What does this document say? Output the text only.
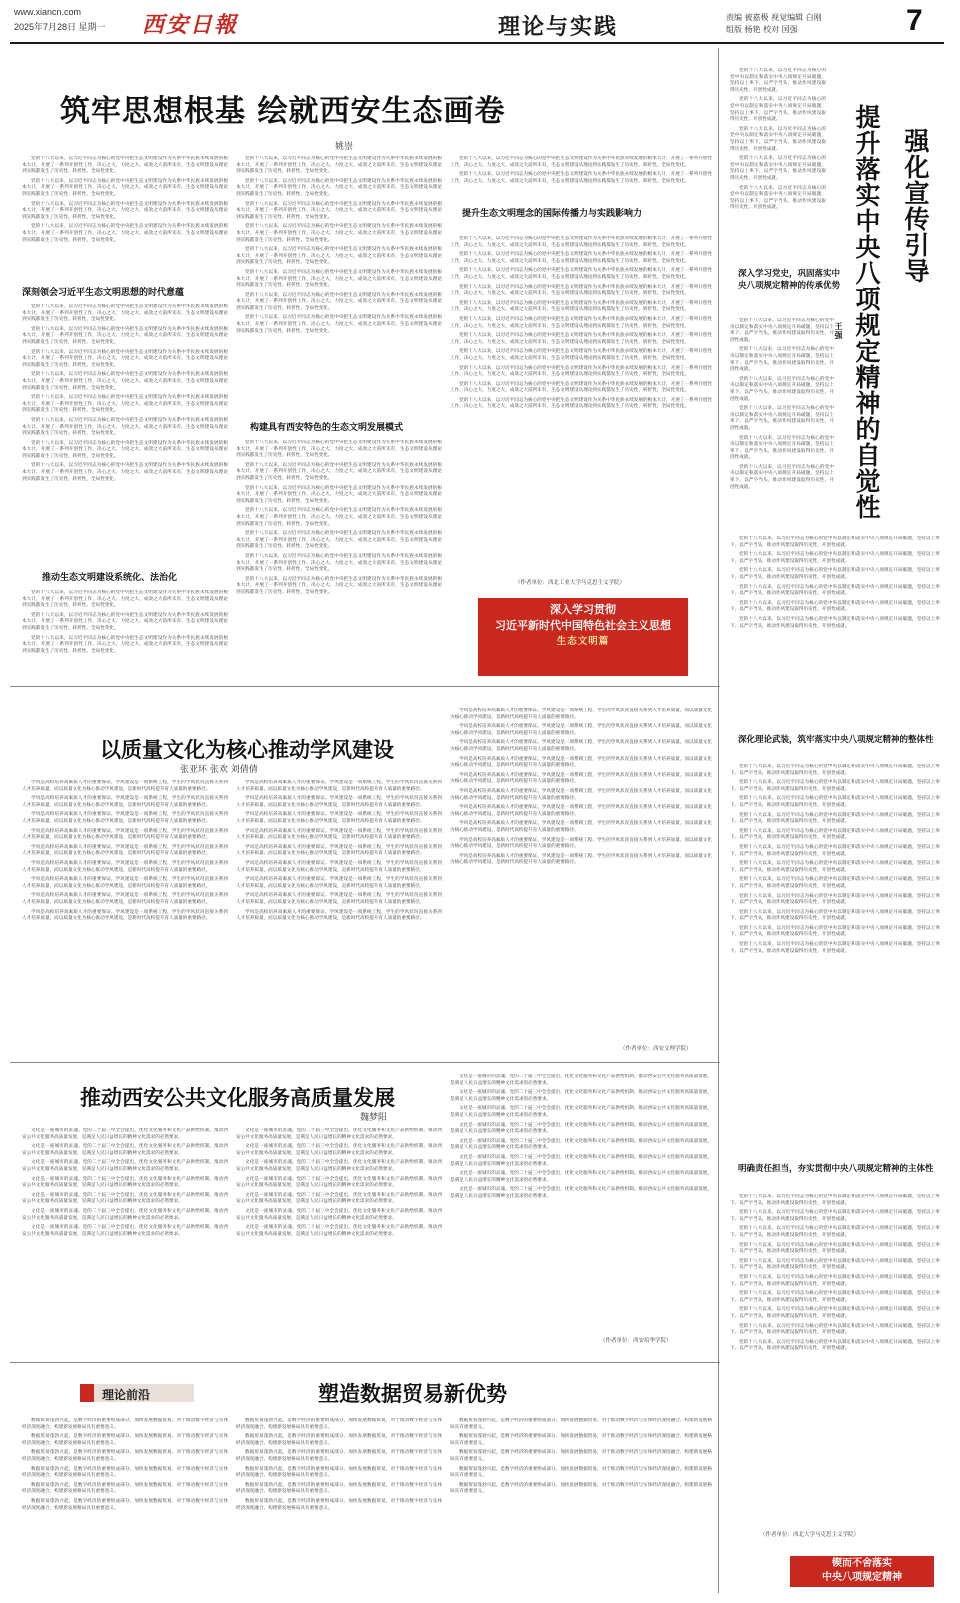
www.xiancn.com
2025年7月28日 星期一 西安日報	理论与实践	责编 被嘉极 视觉编辑 白刚
组版 杨艳 校对 国强	7
筑牢思想根基 绘就西安生态画卷
姚崇

党的十八大以来，以习近平同志为核心的党中央把生态文明建设作为关系中华民族永续发展的根本大计，开展了一系列开创性工作，决心之大、力度之大、成效之大前所未有，生态文明建设从理论到实践都发生了历史性、转折性、全局性变化。

党的十八大以来，以习近平同志为核心的党中央把生态文明建设作为关系中华民族永续发展的根本大计，开展了一系列开创性工作，决心之大、力度之大、成效之大前所未有，生态文明建设从理论到实践都发生了历史性、转折性、全局性变化。

党的十八大以来，以习近平同志为核心的党中央把生态文明建设作为关系中华民族永续发展的根本大计，开展了一系列开创性工作，决心之大、力度之大、成效之大前所未有，生态文明建设从理论到实践都发生了历史性、转折性、全局性变化。

党的十八大以来，以习近平同志为核心的党中央把生态文明建设作为关系中华民族永续发展的根本大计，开展了一系列开创性工作，决心之大、力度之大、成效之大前所未有，生态文明建设从理论到实践都发生了历史性、转折性、全局性变化。

深刻领会习近平生态文明思想的时代意蕴

党的十八大以来，以习近平同志为核心的党中央把生态文明建设作为关系中华民族永续发展的根本大计，开展了一系列开创性工作，决心之大、力度之大、成效之大前所未有，生态文明建设从理论到实践都发生了历史性、转折性、全局性变化。

党的十八大以来，以习近平同志为核心的党中央把生态文明建设作为关系中华民族永续发展的根本大计，开展了一系列开创性工作，决心之大、力度之大、成效之大前所未有，生态文明建设从理论到实践都发生了历史性、转折性、全局性变化。

党的十八大以来，以习近平同志为核心的党中央把生态文明建设作为关系中华民族永续发展的根本大计，开展了一系列开创性工作，决心之大、力度之大、成效之大前所未有，生态文明建设从理论到实践都发生了历史性、转折性、全局性变化。

党的十八大以来，以习近平同志为核心的党中央把生态文明建设作为关系中华民族永续发展的根本大计，开展了一系列开创性工作，决心之大、力度之大、成效之大前所未有，生态文明建设从理论到实践都发生了历史性、转折性、全局性变化。

党的十八大以来，以习近平同志为核心的党中央把生态文明建设作为关系中华民族永续发展的根本大计，开展了一系列开创性工作，决心之大、力度之大、成效之大前所未有，生态文明建设从理论到实践都发生了历史性、转折性、全局性变化。

党的十八大以来，以习近平同志为核心的党中央把生态文明建设作为关系中华民族永续发展的根本大计，开展了一系列开创性工作，决心之大、力度之大、成效之大前所未有，生态文明建设从理论到实践都发生了历史性、转折性、全局性变化。

党的十八大以来，以习近平同志为核心的党中央把生态文明建设作为关系中华民族永续发展的根本大计，开展了一系列开创性工作，决心之大、力度之大、成效之大前所未有，生态文明建设从理论到实践都发生了历史性、转折性、全局性变化。

党的十八大以来，以习近平同志为核心的党中央把生态文明建设作为关系中华民族永续发展的根本大计，开展了一系列开创性工作，决心之大、力度之大、成效之大前所未有，生态文明建设从理论到实践都发生了历史性、转折性、全局性变化。

推动生态文明建设系统化、法治化

党的十八大以来，以习近平同志为核心的党中央把生态文明建设作为关系中华民族永续发展的根本大计，开展了一系列开创性工作，决心之大、力度之大、成效之大前所未有，生态文明建设从理论到实践都发生了历史性、转折性、全局性变化。

党的十八大以来，以习近平同志为核心的党中央把生态文明建设作为关系中华民族永续发展的根本大计，开展了一系列开创性工作，决心之大、力度之大、成效之大前所未有，生态文明建设从理论到实践都发生了历史性、转折性、全局性变化。

党的十八大以来，以习近平同志为核心的党中央把生态文明建设作为关系中华民族永续发展的根本大计，开展了一系列开创性工作，决心之大、力度之大、成效之大前所未有，生态文明建设从理论到实践都发生了历史性、转折性、全局性变化。

党的十八大以来，以习近平同志为核心的党中央把生态文明建设作为关系中华民族永续发展的根本大计，开展了一系列开创性工作，决心之大、力度之大、成效之大前所未有，生态文明建设从理论到实践都发生了历史性、转折性、全局性变化。

党的十八大以来，以习近平同志为核心的党中央把生态文明建设作为关系中华民族永续发展的根本大计，开展了一系列开创性工作，决心之大、力度之大、成效之大前所未有，生态文明建设从理论到实践都发生了历史性、转折性、全局性变化。

党的十八大以来，以习近平同志为核心的党中央把生态文明建设作为关系中华民族永续发展的根本大计，开展了一系列开创性工作，决心之大、力度之大、成效之大前所未有，生态文明建设从理论到实践都发生了历史性、转折性、全局性变化。

党的十八大以来，以习近平同志为核心的党中央把生态文明建设作为关系中华民族永续发展的根本大计，开展了一系列开创性工作，决心之大、力度之大、成效之大前所未有，生态文明建设从理论到实践都发生了历史性、转折性、全局性变化。

党的十八大以来，以习近平同志为核心的党中央把生态文明建设作为关系中华民族永续发展的根本大计，开展了一系列开创性工作，决心之大、力度之大、成效之大前所未有，生态文明建设从理论到实践都发生了历史性、转折性、全局性变化。

党的十八大以来，以习近平同志为核心的党中央把生态文明建设作为关系中华民族永续发展的根本大计，开展了一系列开创性工作，决心之大、力度之大、成效之大前所未有，生态文明建设从理论到实践都发生了历史性、转折性、全局性变化。

党的十八大以来，以习近平同志为核心的党中央把生态文明建设作为关系中华民族永续发展的根本大计，开展了一系列开创性工作，决心之大、力度之大、成效之大前所未有，生态文明建设从理论到实践都发生了历史性、转折性、全局性变化。

党的十八大以来，以习近平同志为核心的党中央把生态文明建设作为关系中华民族永续发展的根本大计，开展了一系列开创性工作，决心之大、力度之大、成效之大前所未有，生态文明建设从理论到实践都发生了历史性、转折性、全局性变化。

构建具有西安特色的生态文明发展模式

党的十八大以来，以习近平同志为核心的党中央把生态文明建设作为关系中华民族永续发展的根本大计，开展了一系列开创性工作，决心之大、力度之大、成效之大前所未有，生态文明建设从理论到实践都发生了历史性、转折性、全局性变化。

党的十八大以来，以习近平同志为核心的党中央把生态文明建设作为关系中华民族永续发展的根本大计，开展了一系列开创性工作，决心之大、力度之大、成效之大前所未有，生态文明建设从理论到实践都发生了历史性、转折性、全局性变化。

党的十八大以来，以习近平同志为核心的党中央把生态文明建设作为关系中华民族永续发展的根本大计，开展了一系列开创性工作，决心之大、力度之大、成效之大前所未有，生态文明建设从理论到实践都发生了历史性、转折性、全局性变化。

党的十八大以来，以习近平同志为核心的党中央把生态文明建设作为关系中华民族永续发展的根本大计，开展了一系列开创性工作，决心之大、力度之大、成效之大前所未有，生态文明建设从理论到实践都发生了历史性、转折性、全局性变化。

党的十八大以来，以习近平同志为核心的党中央把生态文明建设作为关系中华民族永续发展的根本大计，开展了一系列开创性工作，决心之大、力度之大、成效之大前所未有，生态文明建设从理论到实践都发生了历史性、转折性、全局性变化。

党的十八大以来，以习近平同志为核心的党中央把生态文明建设作为关系中华民族永续发展的根本大计，开展了一系列开创性工作，决心之大、力度之大、成效之大前所未有，生态文明建设从理论到实践都发生了历史性、转折性、全局性变化。

党的十八大以来，以习近平同志为核心的党中央把生态文明建设作为关系中华民族永续发展的根本大计，开展了一系列开创性工作，决心之大、力度之大、成效之大前所未有，生态文明建设从理论到实践都发生了历史性、转折性、全局性变化。

党的十八大以来，以习近平同志为核心的党中央把生态文明建设作为关系中华民族永续发展的根本大计，开展了一系列开创性工作，决心之大、力度之大、成效之大前所未有，生态文明建设从理论到实践都发生了历史性、转折性、全局性变化。

党的十八大以来，以习近平同志为核心的党中央把生态文明建设作为关系中华民族永续发展的根本大计，开展了一系列开创性工作，决心之大、力度之大、成效之大前所未有，生态文明建设从理论到实践都发生了历史性、转折性、全局性变化。

提升生态文明理念的国际传播力与实践影响力

党的十八大以来，以习近平同志为核心的党中央把生态文明建设作为关系中华民族永续发展的根本大计，开展了一系列开创性工作，决心之大、力度之大、成效之大前所未有，生态文明建设从理论到实践都发生了历史性、转折性、全局性变化。

党的十八大以来，以习近平同志为核心的党中央把生态文明建设作为关系中华民族永续发展的根本大计，开展了一系列开创性工作，决心之大、力度之大、成效之大前所未有，生态文明建设从理论到实践都发生了历史性、转折性、全局性变化。

党的十八大以来，以习近平同志为核心的党中央把生态文明建设作为关系中华民族永续发展的根本大计，开展了一系列开创性工作，决心之大、力度之大、成效之大前所未有，生态文明建设从理论到实践都发生了历史性、转折性、全局性变化。

党的十八大以来，以习近平同志为核心的党中央把生态文明建设作为关系中华民族永续发展的根本大计，开展了一系列开创性工作，决心之大、力度之大、成效之大前所未有，生态文明建设从理论到实践都发生了历史性、转折性、全局性变化。

党的十八大以来，以习近平同志为核心的党中央把生态文明建设作为关系中华民族永续发展的根本大计，开展了一系列开创性工作，决心之大、力度之大、成效之大前所未有，生态文明建设从理论到实践都发生了历史性、转折性、全局性变化。

党的十八大以来，以习近平同志为核心的党中央把生态文明建设作为关系中华民族永续发展的根本大计，开展了一系列开创性工作，决心之大、力度之大、成效之大前所未有，生态文明建设从理论到实践都发生了历史性、转折性、全局性变化。

党的十八大以来，以习近平同志为核心的党中央把生态文明建设作为关系中华民族永续发展的根本大计，开展了一系列开创性工作，决心之大、力度之大、成效之大前所未有，生态文明建设从理论到实践都发生了历史性、转折性、全局性变化。

党的十八大以来，以习近平同志为核心的党中央把生态文明建设作为关系中华民族永续发展的根本大计，开展了一系列开创性工作，决心之大、力度之大、成效之大前所未有，生态文明建设从理论到实践都发生了历史性、转折性、全局性变化。

党的十八大以来，以习近平同志为核心的党中央把生态文明建设作为关系中华民族永续发展的根本大计，开展了一系列开创性工作，决心之大、力度之大、成效之大前所未有，生态文明建设从理论到实践都发生了历史性、转折性、全局性变化。

党的十八大以来，以习近平同志为核心的党中央把生态文明建设作为关系中华民族永续发展的根本大计，开展了一系列开创性工作，决心之大、力度之大、成效之大前所未有，生态文明建设从理论到实践都发生了历史性、转折性、全局性变化。

党的十八大以来，以习近平同志为核心的党中央把生态文明建设作为关系中华民族永续发展的根本大计，开展了一系列开创性工作，决心之大、力度之大、成效之大前所未有，生态文明建设从理论到实践都发生了历史性、转折性、全局性变化。

（作者单位：西北工业大学马克思主义学院）
深入学习贯彻
习近平新时代中国特色社会主义思想
生态文明篇

党的十八大以来，以习近平同志为核心的党中央以制定和落实中央八项规定开局破题，坚持以上率下、以严字当头，推动作风建设取得历史性、开创性成就。

党的十八大以来，以习近平同志为核心的党中央以制定和落实中央八项规定开局破题，坚持以上率下、以严字当头，推动作风建设取得历史性、开创性成就。

党的十八大以来，以习近平同志为核心的党中央以制定和落实中央八项规定开局破题，坚持以上率下、以严字当头，推动作风建设取得历史性、开创性成就。

党的十八大以来，以习近平同志为核心的党中央以制定和落实中央八项规定开局破题，坚持以上率下、以严字当头，推动作风建设取得历史性、开创性成就。

党的十八大以来，以习近平同志为核心的党中央以制定和落实中央八项规定开局破题，坚持以上率下、以严字当头，推动作风建设取得历史性、开创性成就。	提升落实中央八项规定精神的自觉性 强化宣传引导
王强
深入学习党史，巩固落实中央八项规定精神的传承优势

党的十八大以来，以习近平同志为核心的党中央以制定和落实中央八项规定开局破题，坚持以上率下、以严字当头，推动作风建设取得历史性、开创性成就。

党的十八大以来，以习近平同志为核心的党中央以制定和落实中央八项规定开局破题，坚持以上率下、以严字当头，推动作风建设取得历史性、开创性成就。

党的十八大以来，以习近平同志为核心的党中央以制定和落实中央八项规定开局破题，坚持以上率下、以严字当头，推动作风建设取得历史性、开创性成就。

党的十八大以来，以习近平同志为核心的党中央以制定和落实中央八项规定开局破题，坚持以上率下、以严字当头，推动作风建设取得历史性、开创性成就。

党的十八大以来，以习近平同志为核心的党中央以制定和落实中央八项规定开局破题，坚持以上率下、以严字当头，推动作风建设取得历史性、开创性成就。

党的十八大以来，以习近平同志为核心的党中央以制定和落实中央八项规定开局破题，坚持以上率下、以严字当头，推动作风建设取得历史性、开创性成就。

党的十八大以来，以习近平同志为核心的党中央以制定和落实中央八项规定开局破题，坚持以上率下、以严字当头，推动作风建设取得历史性、开创性成就。

党的十八大以来，以习近平同志为核心的党中央以制定和落实中央八项规定开局破题，坚持以上率下、以严字当头，推动作风建设取得历史性、开创性成就。

党的十八大以来，以习近平同志为核心的党中央以制定和落实中央八项规定开局破题，坚持以上率下、以严字当头，推动作风建设取得历史性、开创性成就。

党的十八大以来，以习近平同志为核心的党中央以制定和落实中央八项规定开局破题，坚持以上率下、以严字当头，推动作风建设取得历史性、开创性成就。

党的十八大以来，以习近平同志为核心的党中央以制定和落实中央八项规定开局破题，坚持以上率下、以严字当头，推动作风建设取得历史性、开创性成就。

党的十八大以来，以习近平同志为核心的党中央以制定和落实中央八项规定开局破题，坚持以上率下、以严字当头，推动作风建设取得历史性、开创性成就。

深化理论武装，筑牢落实中央八项规定精神的整体性

党的十八大以来，以习近平同志为核心的党中央以制定和落实中央八项规定开局破题，坚持以上率下、以严字当头，推动作风建设取得历史性、开创性成就。

党的十八大以来，以习近平同志为核心的党中央以制定和落实中央八项规定开局破题，坚持以上率下、以严字当头，推动作风建设取得历史性、开创性成就。

党的十八大以来，以习近平同志为核心的党中央以制定和落实中央八项规定开局破题，坚持以上率下、以严字当头，推动作风建设取得历史性、开创性成就。

党的十八大以来，以习近平同志为核心的党中央以制定和落实中央八项规定开局破题，坚持以上率下、以严字当头，推动作风建设取得历史性、开创性成就。

党的十八大以来，以习近平同志为核心的党中央以制定和落实中央八项规定开局破题，坚持以上率下、以严字当头，推动作风建设取得历史性、开创性成就。

党的十八大以来，以习近平同志为核心的党中央以制定和落实中央八项规定开局破题，坚持以上率下、以严字当头，推动作风建设取得历史性、开创性成就。

党的十八大以来，以习近平同志为核心的党中央以制定和落实中央八项规定开局破题，坚持以上率下、以严字当头，推动作风建设取得历史性、开创性成就。

党的十八大以来，以习近平同志为核心的党中央以制定和落实中央八项规定开局破题，坚持以上率下、以严字当头，推动作风建设取得历史性、开创性成就。

党的十八大以来，以习近平同志为核心的党中央以制定和落实中央八项规定开局破题，坚持以上率下、以严字当头，推动作风建设取得历史性、开创性成就。

党的十八大以来，以习近平同志为核心的党中央以制定和落实中央八项规定开局破题，坚持以上率下、以严字当头，推动作风建设取得历史性、开创性成就。

党的十八大以来，以习近平同志为核心的党中央以制定和落实中央八项规定开局破题，坚持以上率下、以严字当头，推动作风建设取得历史性、开创性成就。

党的十八大以来，以习近平同志为核心的党中央以制定和落实中央八项规定开局破题，坚持以上率下、以严字当头，推动作风建设取得历史性、开创性成就。

明确责任担当，夯实贯彻中央八项规定精神的主体性

党的十八大以来，以习近平同志为核心的党中央以制定和落实中央八项规定开局破题，坚持以上率下、以严字当头，推动作风建设取得历史性、开创性成就。

党的十八大以来，以习近平同志为核心的党中央以制定和落实中央八项规定开局破题，坚持以上率下、以严字当头，推动作风建设取得历史性、开创性成就。

党的十八大以来，以习近平同志为核心的党中央以制定和落实中央八项规定开局破题，坚持以上率下、以严字当头，推动作风建设取得历史性、开创性成就。

党的十八大以来，以习近平同志为核心的党中央以制定和落实中央八项规定开局破题，坚持以上率下、以严字当头，推动作风建设取得历史性、开创性成就。

党的十八大以来，以习近平同志为核心的党中央以制定和落实中央八项规定开局破题，坚持以上率下、以严字当头，推动作风建设取得历史性、开创性成就。

党的十八大以来，以习近平同志为核心的党中央以制定和落实中央八项规定开局破题，坚持以上率下、以严字当头，推动作风建设取得历史性、开创性成就。

党的十八大以来，以习近平同志为核心的党中央以制定和落实中央八项规定开局破题，坚持以上率下、以严字当头，推动作风建设取得历史性、开创性成就。

党的十八大以来，以习近平同志为核心的党中央以制定和落实中央八项规定开局破题，坚持以上率下、以严字当头，推动作风建设取得历史性、开创性成就。

党的十八大以来，以习近平同志为核心的党中央以制定和落实中央八项规定开局破题，坚持以上率下、以严字当头，推动作风建设取得历史性、开创性成就。

党的十八大以来，以习近平同志为核心的党中央以制定和落实中央八项规定开局破题，坚持以上率下、以严字当头，推动作风建设取得历史性、开创性成就。

（作者单位：西北大学马克思主义学院）
锲而不舍落实
中央八项规定精神
以质量文化为核心推动学风建设
张亚环 张欢 刘倩倩

学风是高校培养高素质人才的重要保证。学风建设是一项系统工程，学生的学风状况直接关系到人才培养质量，而以质量文化为核心推动学风建设，是新时代高校提升育人质量的重要路径。

学风是高校培养高素质人才的重要保证。学风建设是一项系统工程，学生的学风状况直接关系到人才培养质量，而以质量文化为核心推动学风建设，是新时代高校提升育人质量的重要路径。

学风是高校培养高素质人才的重要保证。学风建设是一项系统工程，学生的学风状况直接关系到人才培养质量，而以质量文化为核心推动学风建设，是新时代高校提升育人质量的重要路径。

学风是高校培养高素质人才的重要保证。学风建设是一项系统工程，学生的学风状况直接关系到人才培养质量，而以质量文化为核心推动学风建设，是新时代高校提升育人质量的重要路径。

学风是高校培养高素质人才的重要保证。学风建设是一项系统工程，学生的学风状况直接关系到人才培养质量，而以质量文化为核心推动学风建设，是新时代高校提升育人质量的重要路径。

学风是高校培养高素质人才的重要保证。学风建设是一项系统工程，学生的学风状况直接关系到人才培养质量，而以质量文化为核心推动学风建设，是新时代高校提升育人质量的重要路径。

学风是高校培养高素质人才的重要保证。学风建设是一项系统工程，学生的学风状况直接关系到人才培养质量，而以质量文化为核心推动学风建设，是新时代高校提升育人质量的重要路径。

学风是高校培养高素质人才的重要保证。学风建设是一项系统工程，学生的学风状况直接关系到人才培养质量，而以质量文化为核心推动学风建设，是新时代高校提升育人质量的重要路径。

学风是高校培养高素质人才的重要保证。学风建设是一项系统工程，学生的学风状况直接关系到人才培养质量，而以质量文化为核心推动学风建设，是新时代高校提升育人质量的重要路径。

学风是高校培养高素质人才的重要保证。学风建设是一项系统工程，学生的学风状况直接关系到人才培养质量，而以质量文化为核心推动学风建设，是新时代高校提升育人质量的重要路径。

学风是高校培养高素质人才的重要保证。学风建设是一项系统工程，学生的学风状况直接关系到人才培养质量，而以质量文化为核心推动学风建设，是新时代高校提升育人质量的重要路径。

学风是高校培养高素质人才的重要保证。学风建设是一项系统工程，学生的学风状况直接关系到人才培养质量，而以质量文化为核心推动学风建设，是新时代高校提升育人质量的重要路径。

学风是高校培养高素质人才的重要保证。学风建设是一项系统工程，学生的学风状况直接关系到人才培养质量，而以质量文化为核心推动学风建设，是新时代高校提升育人质量的重要路径。

学风是高校培养高素质人才的重要保证。学风建设是一项系统工程，学生的学风状况直接关系到人才培养质量，而以质量文化为核心推动学风建设，是新时代高校提升育人质量的重要路径。

学风是高校培养高素质人才的重要保证。学风建设是一项系统工程，学生的学风状况直接关系到人才培养质量，而以质量文化为核心推动学风建设，是新时代高校提升育人质量的重要路径。

学风是高校培养高素质人才的重要保证。学风建设是一项系统工程，学生的学风状况直接关系到人才培养质量，而以质量文化为核心推动学风建设，是新时代高校提升育人质量的重要路径。

学风是高校培养高素质人才的重要保证。学风建设是一项系统工程，学生的学风状况直接关系到人才培养质量，而以质量文化为核心推动学风建设，是新时代高校提升育人质量的重要路径。

学风是高校培养高素质人才的重要保证。学风建设是一项系统工程，学生的学风状况直接关系到人才培养质量，而以质量文化为核心推动学风建设，是新时代高校提升育人质量的重要路径。

学风是高校培养高素质人才的重要保证。学风建设是一项系统工程，学生的学风状况直接关系到人才培养质量，而以质量文化为核心推动学风建设，是新时代高校提升育人质量的重要路径。

学风是高校培养高素质人才的重要保证。学风建设是一项系统工程，学生的学风状况直接关系到人才培养质量，而以质量文化为核心推动学风建设，是新时代高校提升育人质量的重要路径。

学风是高校培养高素质人才的重要保证。学风建设是一项系统工程，学生的学风状况直接关系到人才培养质量，而以质量文化为核心推动学风建设，是新时代高校提升育人质量的重要路径。

学风是高校培养高素质人才的重要保证。学风建设是一项系统工程，学生的学风状况直接关系到人才培养质量，而以质量文化为核心推动学风建设，是新时代高校提升育人质量的重要路径。

学风是高校培养高素质人才的重要保证。学风建设是一项系统工程，学生的学风状况直接关系到人才培养质量，而以质量文化为核心推动学风建设，是新时代高校提升育人质量的重要路径。

学风是高校培养高素质人才的重要保证。学风建设是一项系统工程，学生的学风状况直接关系到人才培养质量，而以质量文化为核心推动学风建设，是新时代高校提升育人质量的重要路径。

学风是高校培养高素质人才的重要保证。学风建设是一项系统工程，学生的学风状况直接关系到人才培养质量，而以质量文化为核心推动学风建设，是新时代高校提升育人质量的重要路径。

学风是高校培养高素质人才的重要保证。学风建设是一项系统工程，学生的学风状况直接关系到人才培养质量，而以质量文化为核心推动学风建设，是新时代高校提升育人质量的重要路径。

学风是高校培养高素质人才的重要保证。学风建设是一项系统工程，学生的学风状况直接关系到人才培养质量，而以质量文化为核心推动学风建设，是新时代高校提升育人质量的重要路径。

学风是高校培养高素质人才的重要保证。学风建设是一项系统工程，学生的学风状况直接关系到人才培养质量，而以质量文化为核心推动学风建设，是新时代高校提升育人质量的重要路径。

（作者单位：西安文理学院）
推动西安公共文化服务高质量发展
魏梦阳

文化是一座城市的灵魂。党的二十届三中全会提出，优化文化服务和文化产品供给机制。推动西安公共文化服务高质量发展，是满足人民日益增长的精神文化需求的必然要求。

文化是一座城市的灵魂。党的二十届三中全会提出，优化文化服务和文化产品供给机制。推动西安公共文化服务高质量发展，是满足人民日益增长的精神文化需求的必然要求。

文化是一座城市的灵魂。党的二十届三中全会提出，优化文化服务和文化产品供给机制。推动西安公共文化服务高质量发展，是满足人民日益增长的精神文化需求的必然要求。

文化是一座城市的灵魂。党的二十届三中全会提出，优化文化服务和文化产品供给机制。推动西安公共文化服务高质量发展，是满足人民日益增长的精神文化需求的必然要求。

文化是一座城市的灵魂。党的二十届三中全会提出，优化文化服务和文化产品供给机制。推动西安公共文化服务高质量发展，是满足人民日益增长的精神文化需求的必然要求。

文化是一座城市的灵魂。党的二十届三中全会提出，优化文化服务和文化产品供给机制。推动西安公共文化服务高质量发展，是满足人民日益增长的精神文化需求的必然要求。

文化是一座城市的灵魂。党的二十届三中全会提出，优化文化服务和文化产品供给机制。推动西安公共文化服务高质量发展，是满足人民日益增长的精神文化需求的必然要求。

文化是一座城市的灵魂。党的二十届三中全会提出，优化文化服务和文化产品供给机制。推动西安公共文化服务高质量发展，是满足人民日益增长的精神文化需求的必然要求。

文化是一座城市的灵魂。党的二十届三中全会提出，优化文化服务和文化产品供给机制。推动西安公共文化服务高质量发展，是满足人民日益增长的精神文化需求的必然要求。

文化是一座城市的灵魂。党的二十届三中全会提出，优化文化服务和文化产品供给机制。推动西安公共文化服务高质量发展，是满足人民日益增长的精神文化需求的必然要求。

文化是一座城市的灵魂。党的二十届三中全会提出，优化文化服务和文化产品供给机制。推动西安公共文化服务高质量发展，是满足人民日益增长的精神文化需求的必然要求。

文化是一座城市的灵魂。党的二十届三中全会提出，优化文化服务和文化产品供给机制。推动西安公共文化服务高质量发展，是满足人民日益增长的精神文化需求的必然要求。

文化是一座城市的灵魂。党的二十届三中全会提出，优化文化服务和文化产品供给机制。推动西安公共文化服务高质量发展，是满足人民日益增长的精神文化需求的必然要求。

文化是一座城市的灵魂。党的二十届三中全会提出，优化文化服务和文化产品供给机制。推动西安公共文化服务高质量发展，是满足人民日益增长的精神文化需求的必然要求。

文化是一座城市的灵魂。党的二十届三中全会提出，优化文化服务和文化产品供给机制。推动西安公共文化服务高质量发展，是满足人民日益增长的精神文化需求的必然要求。

文化是一座城市的灵魂。党的二十届三中全会提出，优化文化服务和文化产品供给机制。推动西安公共文化服务高质量发展，是满足人民日益增长的精神文化需求的必然要求。

文化是一座城市的灵魂。党的二十届三中全会提出，优化文化服务和文化产品供给机制。推动西安公共文化服务高质量发展，是满足人民日益增长的精神文化需求的必然要求。

文化是一座城市的灵魂。党的二十届三中全会提出，优化文化服务和文化产品供给机制。推动西安公共文化服务高质量发展，是满足人民日益增长的精神文化需求的必然要求。

文化是一座城市的灵魂。党的二十届三中全会提出，优化文化服务和文化产品供给机制。推动西安公共文化服务高质量发展，是满足人民日益增长的精神文化需求的必然要求。

文化是一座城市的灵魂。党的二十届三中全会提出，优化文化服务和文化产品供给机制。推动西安公共文化服务高质量发展，是满足人民日益增长的精神文化需求的必然要求。

文化是一座城市的灵魂。党的二十届三中全会提出，优化文化服务和文化产品供给机制。推动西安公共文化服务高质量发展，是满足人民日益增长的精神文化需求的必然要求。

文化是一座城市的灵魂。党的二十届三中全会提出，优化文化服务和文化产品供给机制。推动西安公共文化服务高质量发展，是满足人民日益增长的精神文化需求的必然要求。

（作者单位：西安培华学院）
理论前沿	塑造数据贸易新优势

数据贸易蓬勃兴起，是数字经济的重要组成部分。加快发展数据贸易，对于推动数字经济与实体经济深度融合、构建新发展格局具有重要意义。

数据贸易蓬勃兴起，是数字经济的重要组成部分。加快发展数据贸易，对于推动数字经济与实体经济深度融合、构建新发展格局具有重要意义。

数据贸易蓬勃兴起，是数字经济的重要组成部分。加快发展数据贸易，对于推动数字经济与实体经济深度融合、构建新发展格局具有重要意义。

数据贸易蓬勃兴起，是数字经济的重要组成部分。加快发展数据贸易，对于推动数字经济与实体经济深度融合、构建新发展格局具有重要意义。

数据贸易蓬勃兴起，是数字经济的重要组成部分。加快发展数据贸易，对于推动数字经济与实体经济深度融合、构建新发展格局具有重要意义。

数据贸易蓬勃兴起，是数字经济的重要组成部分。加快发展数据贸易，对于推动数字经济与实体经济深度融合、构建新发展格局具有重要意义。

数据贸易蓬勃兴起，是数字经济的重要组成部分。加快发展数据贸易，对于推动数字经济与实体经济深度融合、构建新发展格局具有重要意义。

数据贸易蓬勃兴起，是数字经济的重要组成部分。加快发展数据贸易，对于推动数字经济与实体经济深度融合、构建新发展格局具有重要意义。

数据贸易蓬勃兴起，是数字经济的重要组成部分。加快发展数据贸易，对于推动数字经济与实体经济深度融合、构建新发展格局具有重要意义。

数据贸易蓬勃兴起，是数字经济的重要组成部分。加快发展数据贸易，对于推动数字经济与实体经济深度融合、构建新发展格局具有重要意义。

数据贸易蓬勃兴起，是数字经济的重要组成部分。加快发展数据贸易，对于推动数字经济与实体经济深度融合、构建新发展格局具有重要意义。

数据贸易蓬勃兴起，是数字经济的重要组成部分。加快发展数据贸易，对于推动数字经济与实体经济深度融合、构建新发展格局具有重要意义。

数据贸易蓬勃兴起，是数字经济的重要组成部分。加快发展数据贸易，对于推动数字经济与实体经济深度融合、构建新发展格局具有重要意义。

数据贸易蓬勃兴起，是数字经济的重要组成部分。加快发展数据贸易，对于推动数字经济与实体经济深度融合、构建新发展格局具有重要意义。

数据贸易蓬勃兴起，是数字经济的重要组成部分。加快发展数据贸易，对于推动数字经济与实体经济深度融合、构建新发展格局具有重要意义。

数据贸易蓬勃兴起，是数字经济的重要组成部分。加快发展数据贸易，对于推动数字经济与实体经济深度融合、构建新发展格局具有重要意义。

数据贸易蓬勃兴起，是数字经济的重要组成部分。加快发展数据贸易，对于推动数字经济与实体经济深度融合、构建新发展格局具有重要意义。
